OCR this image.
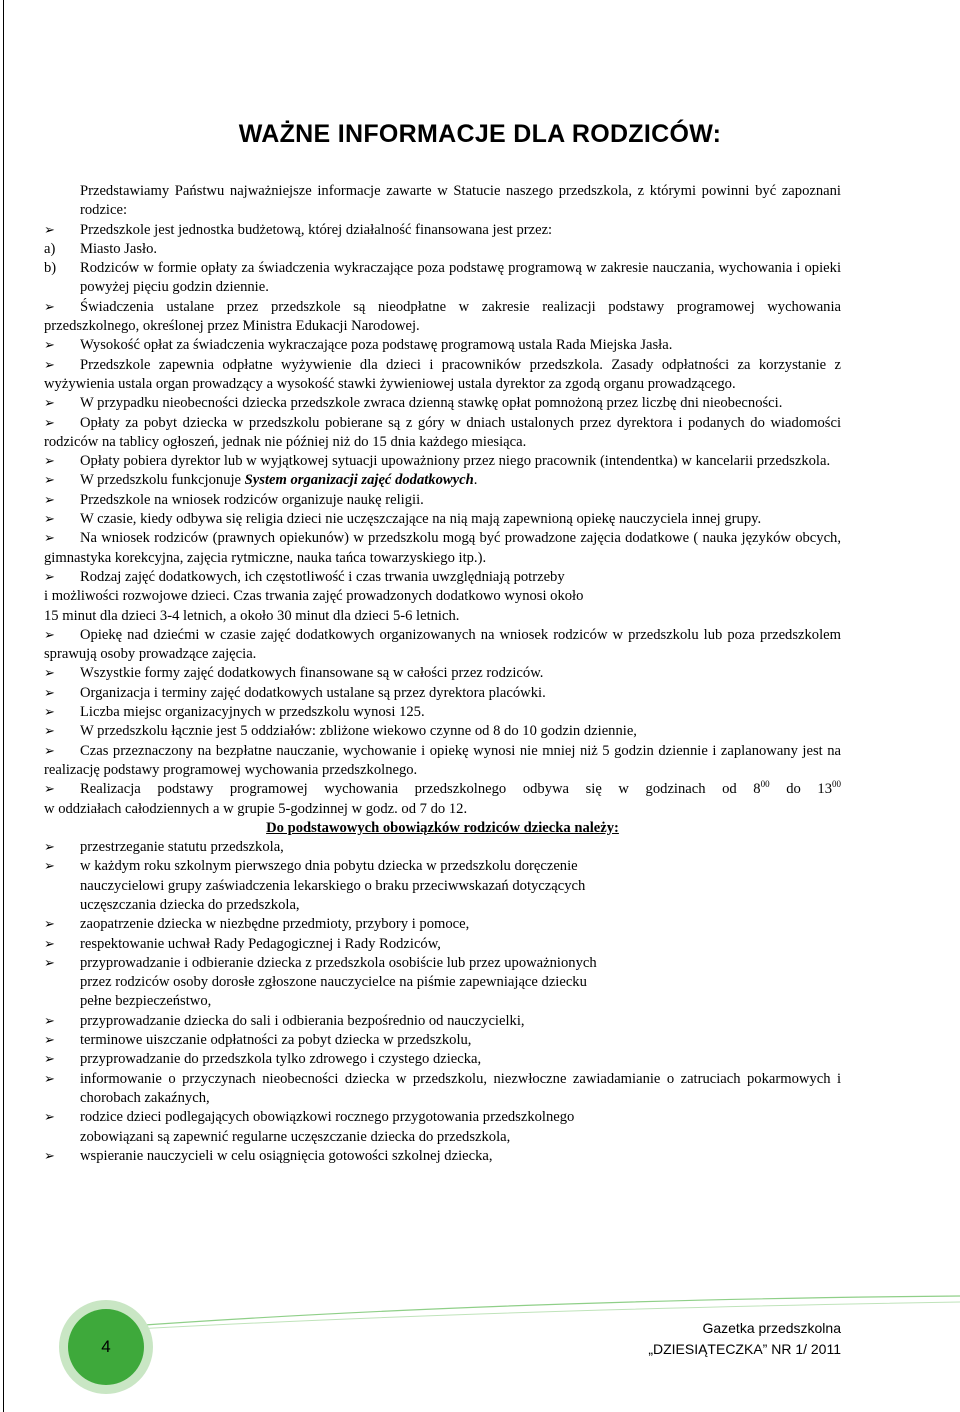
WAŻNE INFORMACJE DLA RODZICÓW:

Przedstawiamy Państwu najważniejsze informacje zawarte w Statucie naszego przedszkola, z którymi powinni być zapoznani rodzice:

➢	Przedszkole jest jednostka budżetową, której działalność finansowana jest przez:
a)	Miasto Jasło.
b)	Rodziców w formie opłaty za świadczenia wykraczające poza podstawę programową w zakresie nauczania, wychowania i opieki powyżej pięciu godzin dziennie.
➢	Świadczenia ustalane przez przedszkole są nieodpłatne w zakresie realizacji podstawy programowej wychowania przedszkolnego, określonej przez Ministra Edukacji Narodowej.

➢	Wysokość opłat za świadczenia wykraczające poza podstawę programową ustala Rada Miejska Jasła.
➢	Przedszkole zapewnia odpłatne wyżywienie dla dzieci i pracowników przedszkola. Zasady odpłatności za korzystanie z wyżywienia ustala organ prowadzący a wysokość stawki żywieniowej ustala dyrektor za zgodą organu prowadzącego.

➢	W przypadku nieobecności dziecka przedszkole zwraca dzienną stawkę opłat pomnożoną przez liczbę dni nieobecności.

➢	Opłaty za pobyt dziecka w przedszkolu pobierane są z góry w dniach ustalonych przez dyrektora i podanych do wiadomości rodziców na tablicy ogłoszeń, jednak nie później niż do 15 dnia każdego miesiąca.

➢	Opłaty pobiera dyrektor lub w wyjątkowej sytuacji upoważniony przez niego pracownik (intendentka) w kancelarii przedszkola.

➢	W przedszkolu funkcjonuje System organizacji zajęć dodatkowych.
➢	Przedszkole na wniosek rodziców organizuje naukę religii.
➢	W czasie, kiedy odbywa się religia dzieci nie uczęszczające na nią mają zapewnioną opiekę nauczyciela innej grupy.

➢	Na wniosek rodziców (prawnych opiekunów) w przedszkolu mogą być prowadzone zajęcia dodatkowe ( nauka języków obcych, gimnastyka korekcyjna, zajęcia rytmiczne, nauka tańca towarzyskiego itp.).

➢	Rodzaj zajęć dodatkowych, ich częstotliwość i czas trwania uwzględniają potrzeby

i możliwości rozwojowe dzieci. Czas trwania zajęć prowadzonych dodatkowo wynosi około

15 minut dla dzieci 3-4 letnich, a około 30 minut dla dzieci 5-6 letnich.

➢	Opiekę nad dziećmi w czasie zajęć dodatkowych organizowanych na wniosek rodziców w przedszkolu lub poza przedszkolem sprawują osoby prowadzące zajęcia.

➢	Wszystkie formy zajęć dodatkowych finansowane są w całości przez rodziców.
➢	Organizacja i terminy zajęć dodatkowych ustalane są przez dyrektora placówki.
➢	Liczba miejsc organizacyjnych w przedszkolu wynosi 125.
➢	W przedszkolu łącznie jest 5 oddziałów: zbliżone wiekowo czynne od 8 do 10 godzin dziennie,
➢	Czas przeznaczony na bezpłatne nauczanie, wychowanie i opiekę wynosi nie mniej niż 5 godzin dziennie i zaplanowany jest na realizację podstawy programowej wychowania przedszkolnego.

➢	Realizacja podstawy programowej wychowania przedszkolnego odbywa się w godzinach od $8^{00}$ do $13^{00}$

w oddziałach całodziennych a w grupie 5-godzinnej w godz. od 7 do 12.

Do podstawowych obowiązków rodziców dziecka należy:

➢	przestrzeganie statutu przedszkola,
➢	w każdym roku szkolnym pierwszego dnia pobytu dziecka w przedszkolu doręczenie

nauczycielowi grupy zaświadczenia lekarskiego o braku przeciwwskazań dotyczących

uczęszczania dziecka do przedszkola,

➢	zaopatrzenie dziecka w niezbędne przedmioty, przybory i pomoce,
➢	respektowanie uchwał Rady Pedagogicznej i Rady Rodziców,
➢	przyprowadzanie i odbieranie dziecka z przedszkola osobiście lub przez upoważnionych

przez rodziców osoby dorosłe zgłoszone nauczycielce na piśmie zapewniające dziecku

pełne bezpieczeństwo,

➢	przyprowadzanie dziecka do sali i odbierania bezpośrednio od nauczycielki,
➢	terminowe uiszczanie odpłatności za pobyt dziecka w przedszkolu,
➢	przyprowadzanie do przedszkola tylko zdrowego i czystego dziecka,
➢	informowanie o przyczynach nieobecności dziecka w przedszkolu, niezwłoczne zawiadamianie o zatruciach pokarmowych i chorobach zakaźnych,
➢	rodzice dzieci podlegających obowiązkowi rocznego przygotowania przedszkolnego

zobowiązani są zapewnić regularne uczęszczanie dziecka do przedszkola,

➢	wspieranie nauczycieli w celu osiągnięcia gotowości szkolnej dziecka,
4
Gazetka przedszkolna
„DZIESIĄTECZKA” NR 1/ 2011
